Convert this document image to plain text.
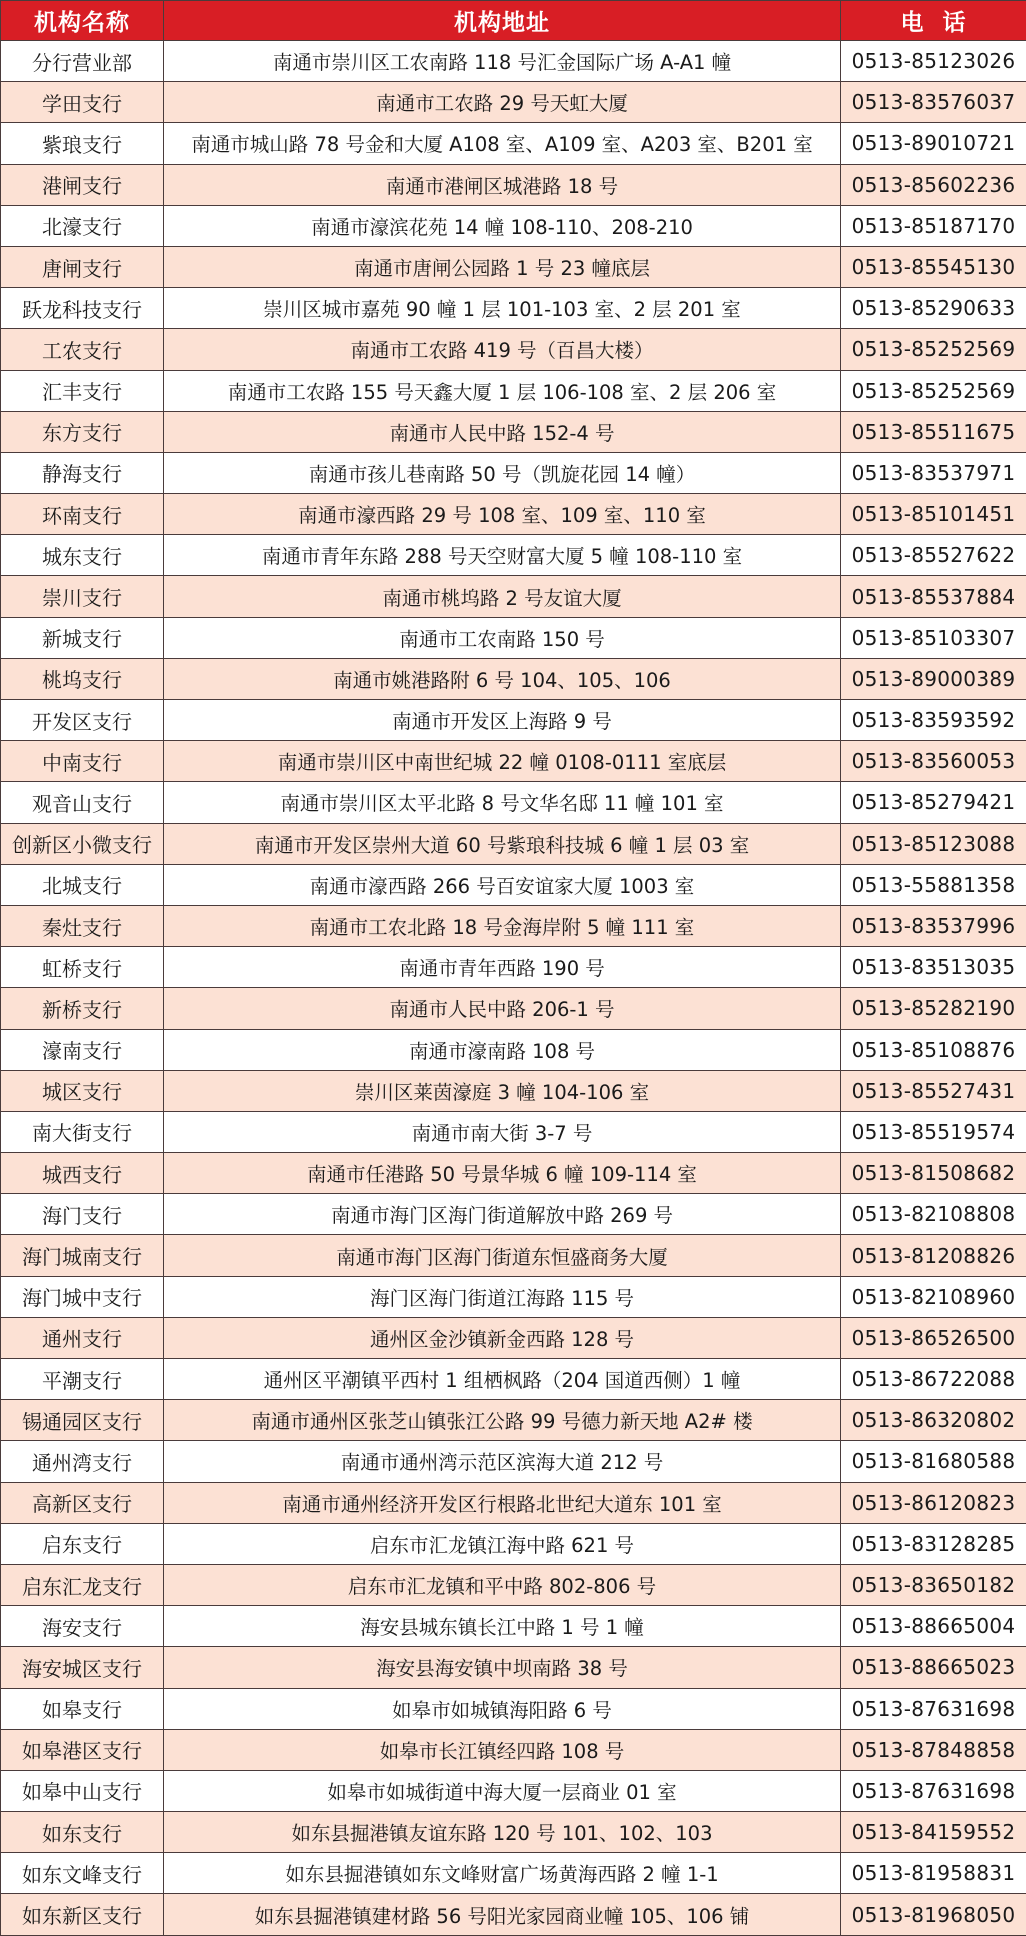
机构名称	机构地址	电  话
分行营业部	南通市崇川区工农南路 118 号汇金国际广场 A-A1 幢	0513-85123026
学田支行	南通市工农路 29 号天虹大厦	0513-83576037
紫琅支行	南通市城山路 78 号金和大厦 A108 室、A109 室、A203 室、B201 室	0513-89010721
港闸支行	南通市港闸区城港路 18 号	0513-85602236
北濠支行	南通市濠滨花苑 14 幢 108-110、208-210	0513-85187170
唐闸支行	南通市唐闸公园路 1 号 23 幢底层	0513-85545130
跃龙科技支行	崇川区城市嘉苑 90 幢 1 层 101-103 室、2 层 201 室	0513-85290633
工农支行	南通市工农路 419 号（百昌大楼）	0513-85252569
汇丰支行	南通市工农路 155 号天鑫大厦 1 层 106-108 室、2 层 206 室	0513-85252569
东方支行	南通市人民中路 152-4 号	0513-85511675
静海支行	南通市孩儿巷南路 50 号（凯旋花园 14 幢）	0513-83537971
环南支行	南通市濠西路 29 号 108 室、109 室、110 室	0513-85101451
城东支行	南通市青年东路 288 号天空财富大厦 5 幢 108-110 室	0513-85527622
崇川支行	南通市桃坞路 2 号友谊大厦	0513-85537884
新城支行	南通市工农南路 150 号	0513-85103307
桃坞支行	南通市姚港路附 6 号 104、105、106	0513-89000389
开发区支行	南通市开发区上海路 9 号	0513-83593592
中南支行	南通市崇川区中南世纪城 22 幢 0108-0111 室底层	0513-83560053
观音山支行	南通市崇川区太平北路 8 号文华名邸 11 幢 101 室	0513-85279421
创新区小微支行	南通市开发区崇州大道 60 号紫琅科技城 6 幢 1 层 03 室	0513-85123088
北城支行	南通市濠西路 266 号百安谊家大厦 1003 室	0513-55881358
秦灶支行	南通市工农北路 18 号金海岸附 5 幢 111 室	0513-83537996
虹桥支行	南通市青年西路 190 号	0513-83513035
新桥支行	南通市人民中路 206-1 号	0513-85282190
濠南支行	南通市濠南路 108 号	0513-85108876
城区支行	崇川区莱茵濠庭 3 幢 104-106 室	0513-85527431
南大街支行	南通市南大街 3-7 号	0513-85519574
城西支行	南通市任港路 50 号景华城 6 幢 109-114 室	0513-81508682
海门支行	南通市海门区海门街道解放中路 269 号	0513-82108808
海门城南支行	南通市海门区海门街道东恒盛商务大厦	0513-81208826
海门城中支行	海门区海门街道江海路 115 号	0513-82108960
通州支行	通州区金沙镇新金西路 128 号	0513-86526500
平潮支行	通州区平潮镇平西村 1 组栖枫路（204 国道西侧）1 幢	0513-86722088
锡通园区支行	南通市通州区张芝山镇张江公路 99 号德力新天地 A2# 楼	0513-86320802
通州湾支行	南通市通州湾示范区滨海大道 212 号	0513-81680588
高新区支行	南通市通州经济开发区行根路北世纪大道东 101 室	0513-86120823
启东支行	启东市汇龙镇江海中路 621 号	0513-83128285
启东汇龙支行	启东市汇龙镇和平中路 802-806 号	0513-83650182
海安支行	海安县城东镇长江中路 1 号 1 幢	0513-88665004
海安城区支行	海安县海安镇中坝南路 38 号	0513-88665023
如皋支行	如皋市如城镇海阳路 6 号	0513-87631698
如皋港区支行	如皋市长江镇经四路 108 号	0513-87848858
如皋中山支行	如皋市如城街道中海大厦一层商业 01 室	0513-87631698
如东支行	如东县掘港镇友谊东路 120 号 101、102、103	0513-84159552
如东文峰支行	如东县掘港镇如东文峰财富广场黄海西路 2 幢 1-1	0513-81958831
如东新区支行	如东县掘港镇建材路 56 号阳光家园商业幢 105、106 铺	0513-81968050
